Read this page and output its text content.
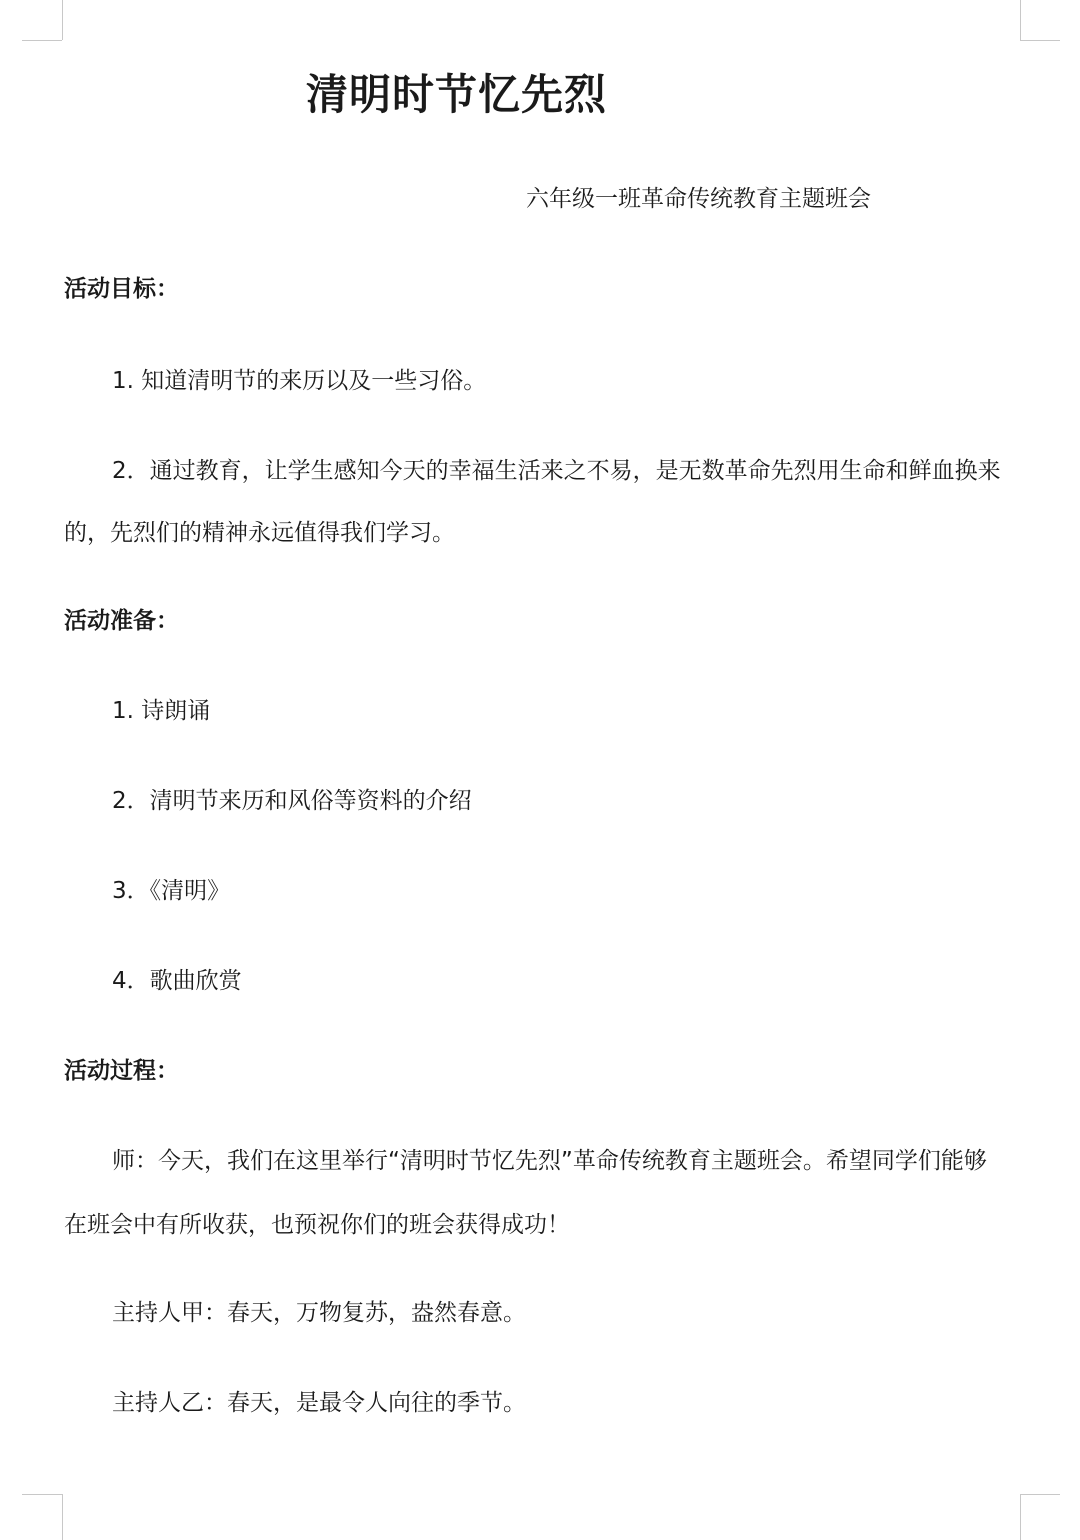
清明时节忆先烈
六年级一班革命传统教育主题班会
活动目标：
1. 知道清明节的来历以及一些习俗。
2．通过教育，让学生感知今天的幸福生活来之不易，是无数革命先烈用生命和鲜血换来
的，先烈们的精神永远值得我们学习。
活动准备：
1. 诗朗诵
2．清明节来历和风俗等资料的介绍
3．《清明》
4．歌曲欣赏
活动过程：
师：今天，我们在这里举行“清明时节忆先烈”革命传统教育主题班会。希望同学们能够
在班会中有所收获，也预祝你们的班会获得成功！
主持人甲：春天，万物复苏，盎然春意。
主持人乙：春天，是最令人向往的季节。
